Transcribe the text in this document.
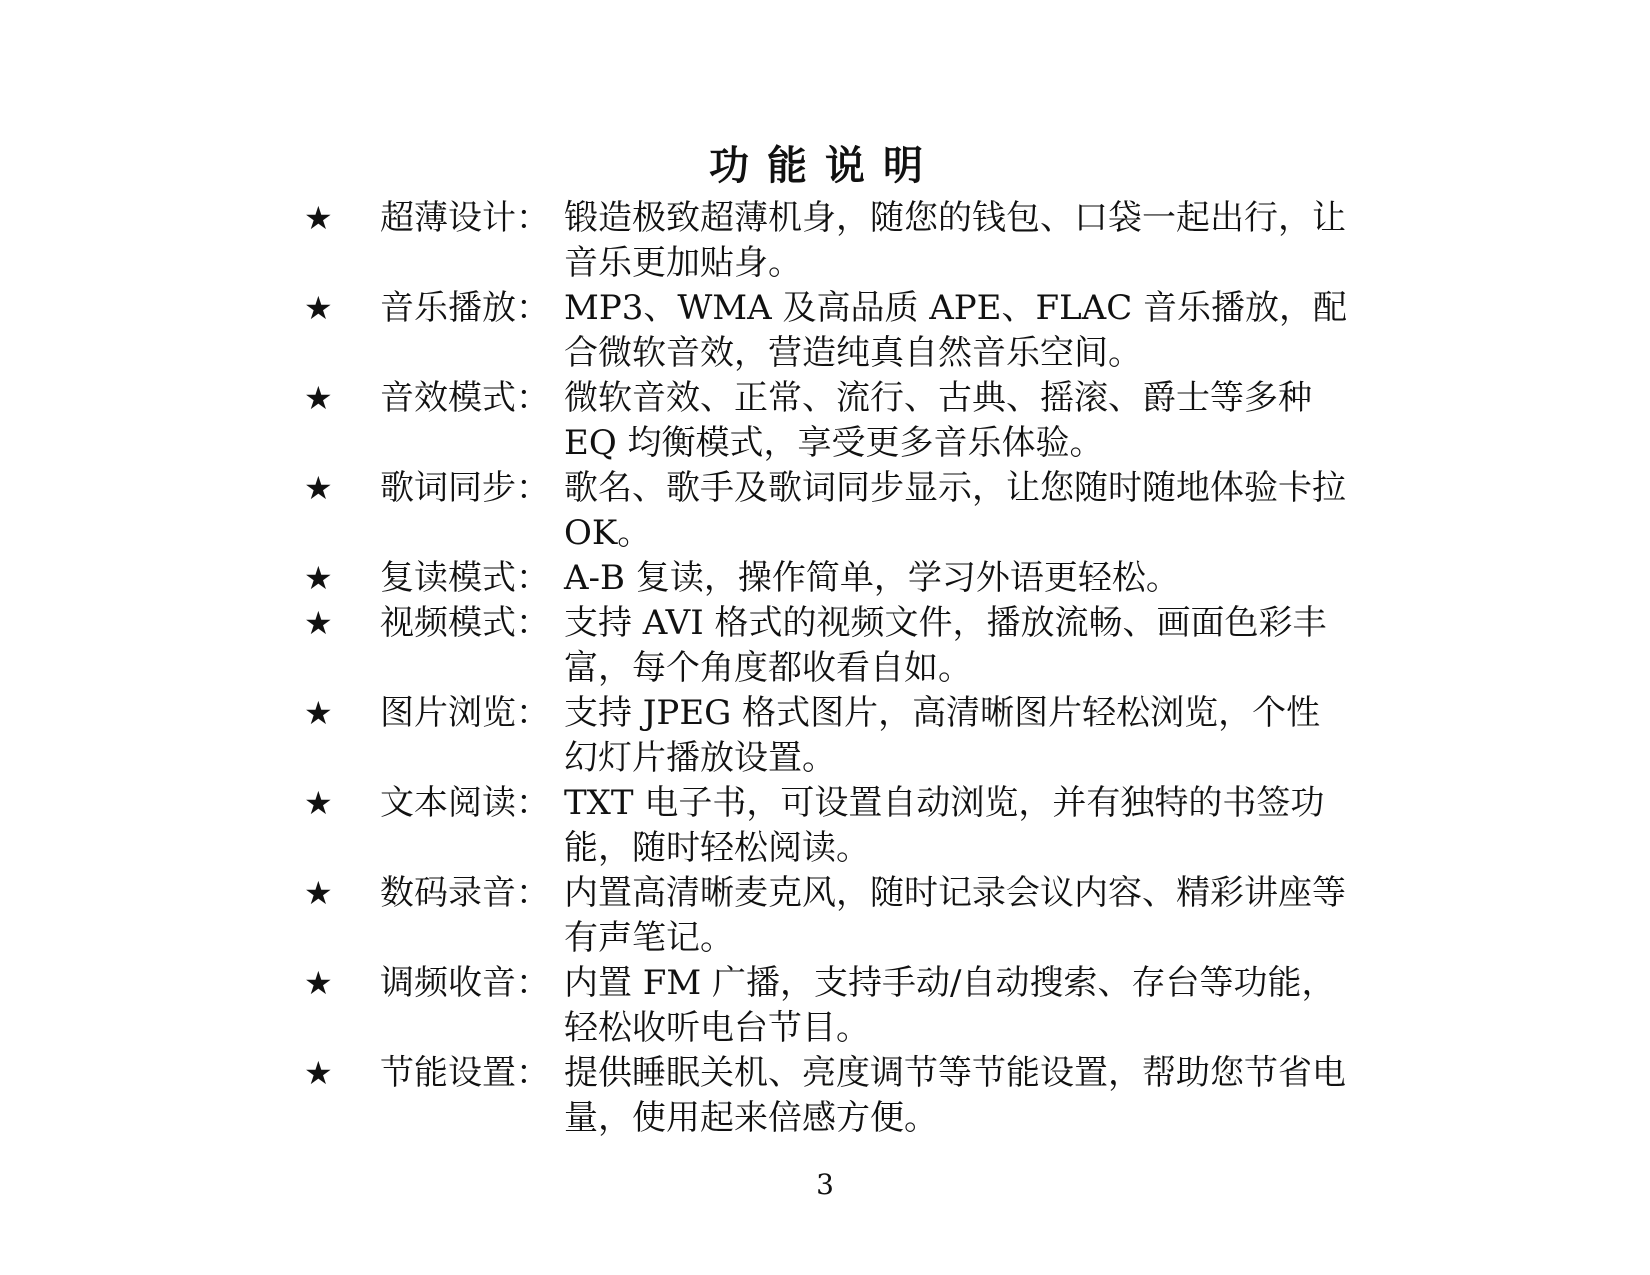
功能说明
★	超薄设计： 锻造极致超薄机身，随您的钱包、口袋一起出行，让音乐更加贴身。
★	音乐播放： MP3、WMA 及高品质 APE、FLAC 音乐播放，配合微软音效，营造纯真自然音乐空间。
★	音效模式： 微软音效、正常、流行、古典、摇滚、爵士等多种 EQ 均衡模式，享受更多音乐体验。
★	歌词同步： 歌名、歌手及歌词同步显示，让您随时随地体验卡拉 OK。
★	复读模式： A-B 复读，操作简单，学习外语更轻松。
★	视频模式： 支持 AVI 格式的视频文件，播放流畅、画面色彩丰富，每个角度都收看自如。
★	图片浏览： 支持 JPEG 格式图片，高清晰图片轻松浏览，个性幻灯片播放设置。
★	文本阅读： TXT 电子书，可设置自动浏览，并有独特的书签功能，随时轻松阅读。
★	数码录音： 内置高清晰麦克风，随时记录会议内容、精彩讲座等有声笔记。
★	调频收音： 内置 FM 广播，支持手动/自动搜索、存台等功能，轻松收听电台节目。
★	节能设置： 提供睡眠关机、亮度调节等节能设置，帮助您节省电量，使用起来倍感方便。
3
